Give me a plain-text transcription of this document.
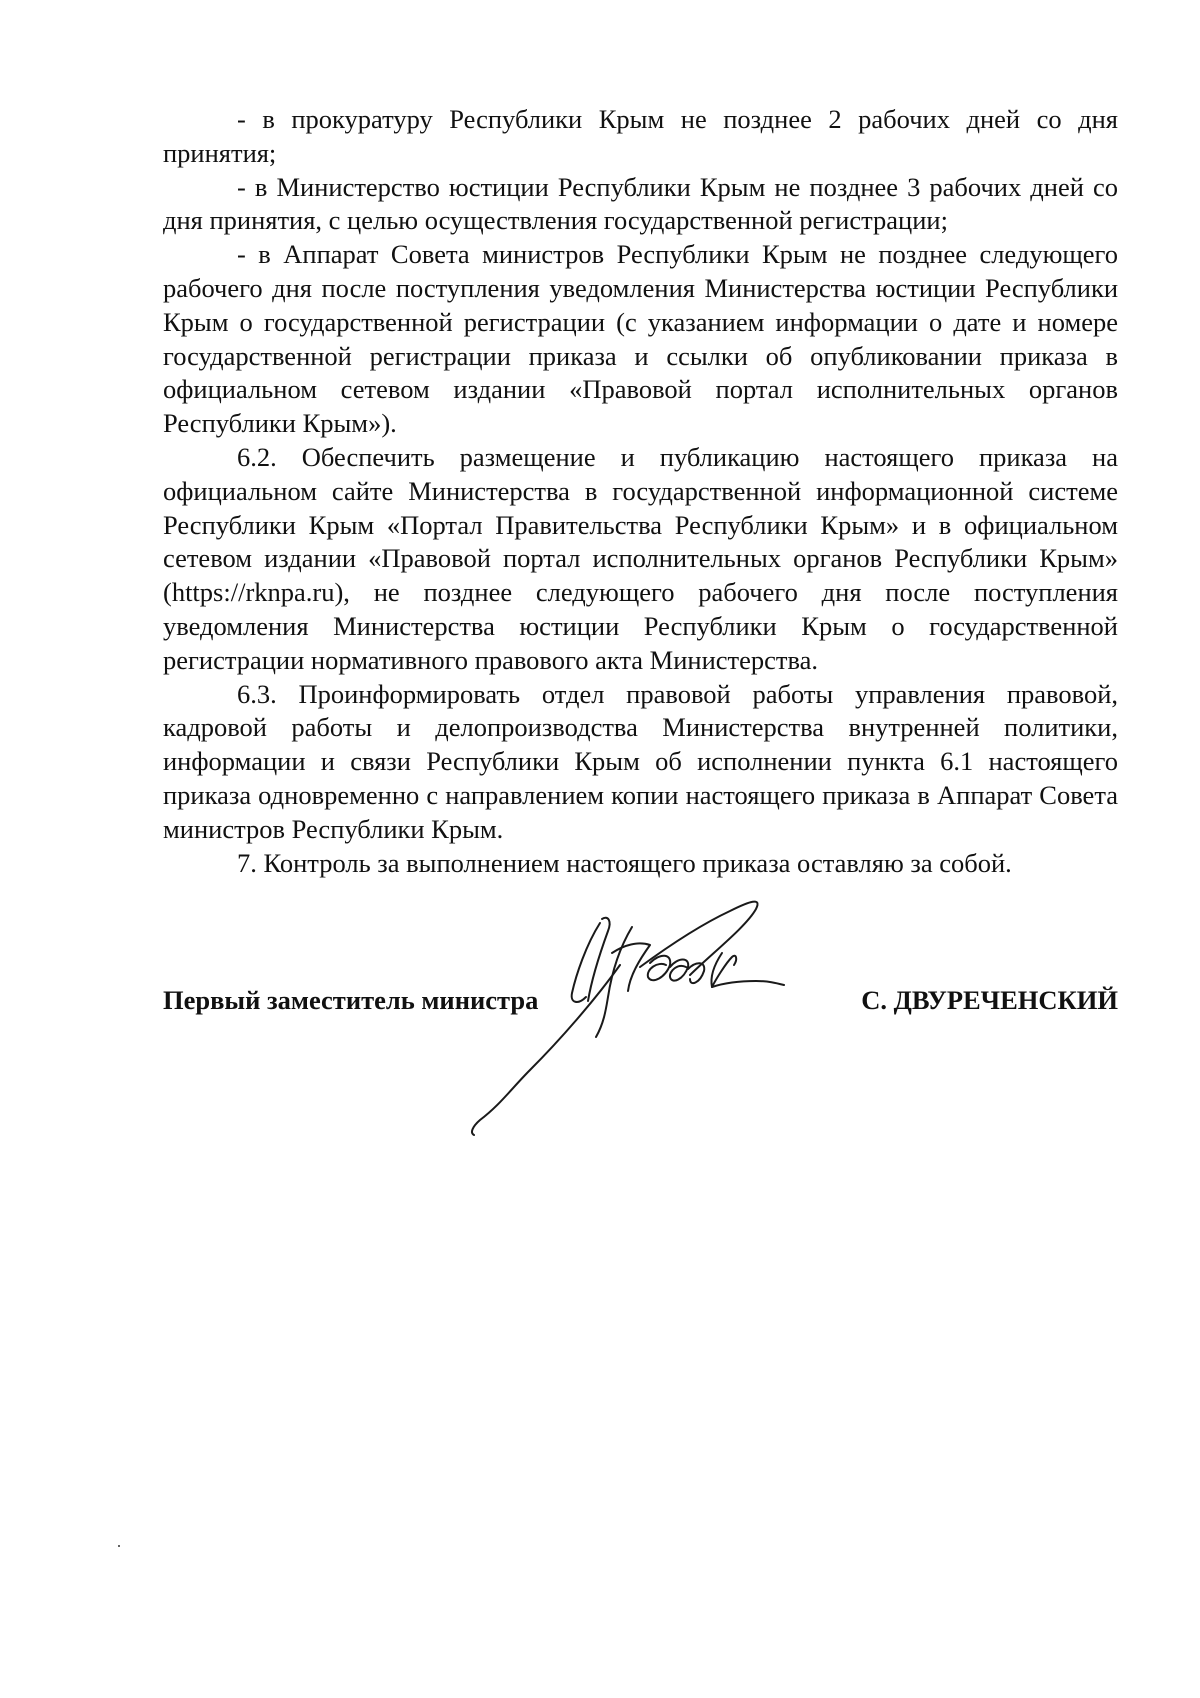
- в прокуратуру Республики Крым не позднее 2 рабочих дней со дня принятия;

- в Министерство юстиции Республики Крым не позднее 3 рабочих дней со дня принятия, с целью осуществления государственной регистрации;

- в Аппарат Совета министров Республики Крым не позднее следующего рабочего дня после поступления уведомления Министерства юстиции Республики Крым о государственной регистрации (с указанием информации о дате и номере государственной регистрации приказа и ссылки об опубликовании приказа в официальном сетевом издании «Правовой портал исполнительных органов Республики Крым»).

6.2. Обеспечить размещение и публикацию настоящего приказа на официальном сайте Министерства в государственной информационной системе Республики Крым «Портал Правительства Республики Крым» и в официальном сетевом издании «Правовой портал исполнительных органов Республики Крым» (https://rknpa.ru), не позднее следующего рабочего дня после поступления уведомления Министерства юстиции Республики Крым о государственной регистрации нормативного правового акта Министерства.

6.3. Проинформировать отдел правовой работы управления правовой, кадровой работы и делопроизводства Министерства внутренней политики, информации и связи Республики Крым об исполнении пункта 6.1 настоящего приказа одновременно с направлением копии настоящего приказа в Аппарат Совета министров Республики Крым.

7. Контроль за выполнением настоящего приказа оставляю за собой.

Первый заместитель министра	С. ДВУРЕЧЕНСКИЙ
